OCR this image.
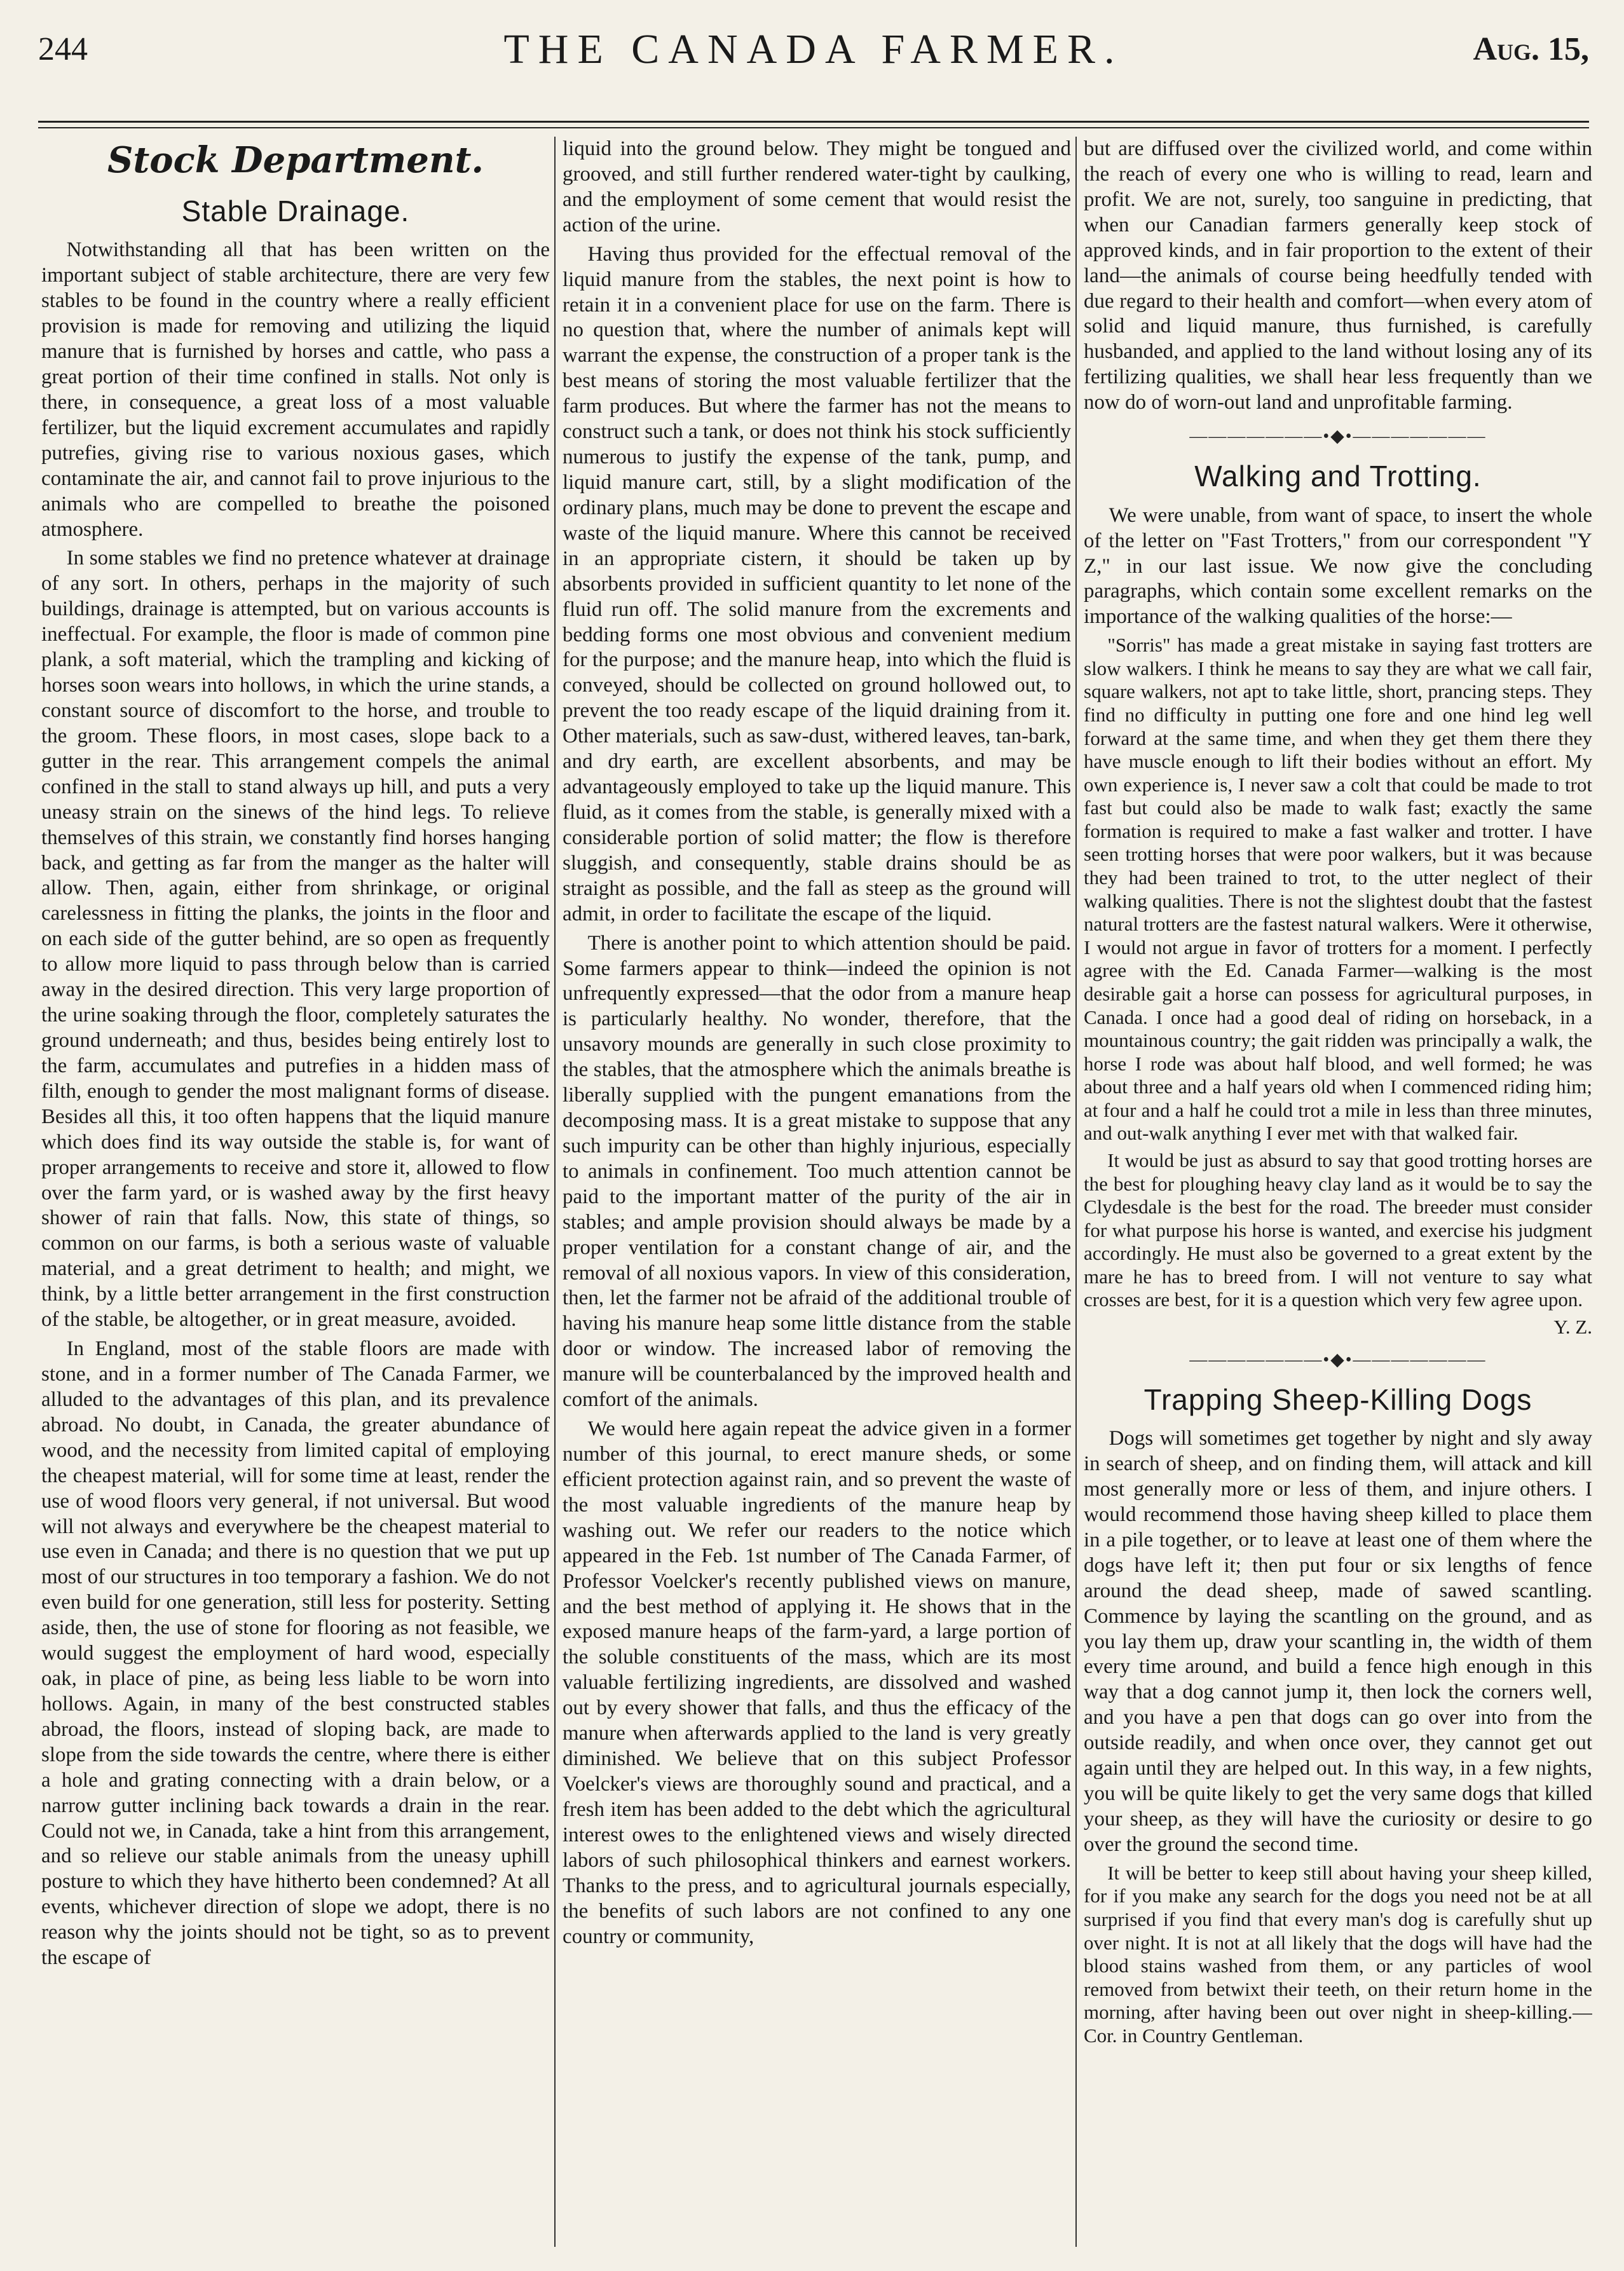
244	THE CANADA FARMER.	Aug. 15,
Stock Department.
Stable Drainage.

Notwithstanding all that has been written on the important subject of stable architecture, there are very few stables to be found in the country where a really efficient provision is made for removing and utilizing the liquid manure that is furnished by horses and cattle, who pass a great portion of their time confined in stalls. Not only is there, in consequence, a great loss of a most valuable fertilizer, but the liquid excrement accumulates and rapidly putrefies, giving rise to various noxious gases, which contaminate the air, and cannot fail to prove injurious to the animals who are compelled to breathe the poisoned atmosphere.

In some stables we find no pretence whatever at drainage of any sort. In others, perhaps in the majority of such buildings, drainage is attempted, but on various accounts is ineffectual. For example, the floor is made of common pine plank, a soft material, which the trampling and kicking of horses soon wears into hollows, in which the urine stands, a constant source of discomfort to the horse, and trouble to the groom. These floors, in most cases, slope back to a gutter in the rear. This arrangement compels the animal confined in the stall to stand always up hill, and puts a very uneasy strain on the sinews of the hind legs. To relieve themselves of this strain, we constantly find horses hanging back, and getting as far from the manger as the halter will allow. Then, again, either from shrinkage, or original carelessness in fitting the planks, the joints in the floor and on each side of the gutter behind, are so open as frequently to allow more liquid to pass through below than is carried away in the desired direction. This very large proportion of the urine soaking through the floor, completely saturates the ground underneath; and thus, besides being entirely lost to the farm, accumulates and putrefies in a hidden mass of filth, enough to gender the most malignant forms of disease. Besides all this, it too often happens that the liquid manure which does find its way outside the stable is, for want of proper arrangements to receive and store it, allowed to flow over the farm yard, or is washed away by the first heavy shower of rain that falls. Now, this state of things, so common on our farms, is both a serious waste of valuable material, and a great detriment to health; and might, we think, by a little better arrangement in the first construction of the stable, be altogether, or in great measure, avoided.

In England, most of the stable floors are made with stone, and in a former number of The Canada Farmer, we alluded to the advantages of this plan, and its prevalence abroad. No doubt, in Canada, the greater abundance of wood, and the necessity from limited capital of employing the cheapest material, will for some time at least, render the use of wood floors very general, if not universal. But wood will not always and everywhere be the cheapest material to use even in Canada; and there is no question that we put up most of our structures in too temporary a fashion. We do not even build for one generation, still less for posterity. Setting aside, then, the use of stone for flooring as not feasible, we would suggest the employment of hard wood, especially oak, in place of pine, as being less liable to be worn into hollows. Again, in many of the best constructed stables abroad, the floors, instead of sloping back, are made to slope from the side towards the centre, where there is either a hole and grating connecting with a drain below, or a narrow gutter inclining back towards a drain in the rear. Could not we, in Canada, take a hint from this arrangement, and so relieve our stable animals from the uneasy uphill posture to which they have hitherto been condemned? At all events, whichever direction of slope we adopt, there is no reason why the joints should not be tight, so as to prevent the escape of

liquid into the ground below. They might be tongued and grooved, and still further rendered water-tight by caulking, and the employment of some cement that would resist the action of the urine.

Having thus provided for the effectual removal of the liquid manure from the stables, the next point is how to retain it in a convenient place for use on the farm. There is no question that, where the number of animals kept will warrant the expense, the construction of a proper tank is the best means of storing the most valuable fertilizer that the farm produces. But where the farmer has not the means to construct such a tank, or does not think his stock sufficiently numerous to justify the expense of the tank, pump, and liquid manure cart, still, by a slight modification of the ordinary plans, much may be done to prevent the escape and waste of the liquid manure. Where this cannot be received in an appropriate cistern, it should be taken up by absorbents provided in sufficient quantity to let none of the fluid run off. The solid manure from the excrements and bedding forms one most obvious and convenient medium for the purpose; and the manure heap, into which the fluid is conveyed, should be collected on ground hollowed out, to prevent the too ready escape of the liquid draining from it. Other materials, such as saw-dust, withered leaves, tan-bark, and dry earth, are excellent absorbents, and may be advantageously employed to take up the liquid manure. This fluid, as it comes from the stable, is generally mixed with a considerable portion of solid matter; the flow is therefore sluggish, and consequently, stable drains should be as straight as possible, and the fall as steep as the ground will admit, in order to facilitate the escape of the liquid.

There is another point to which attention should be paid. Some farmers appear to think—indeed the opinion is not unfrequently expressed—that the odor from a manure heap is particularly healthy. No wonder, therefore, that the unsavory mounds are generally in such close proximity to the stables, that the atmosphere which the animals breathe is liberally supplied with the pungent emanations from the decomposing mass. It is a great mistake to suppose that any such impurity can be other than highly injurious, especially to animals in confinement. Too much attention cannot be paid to the important matter of the purity of the air in stables; and ample provision should always be made by a proper ventilation for a constant change of air, and the removal of all noxious vapors. In view of this consideration, then, let the farmer not be afraid of the additional trouble of having his manure heap some little distance from the stable door or window. The increased labor of removing the manure will be counterbalanced by the improved health and comfort of the animals.

We would here again repeat the advice given in a former number of this journal, to erect manure sheds, or some efficient protection against rain, and so prevent the waste of the most valuable ingredients of the manure heap by washing out. We refer our readers to the notice which appeared in the Feb. 1st number of The Canada Farmer, of Professor Voelcker's recently published views on manure, and the best method of applying it. He shows that in the exposed manure heaps of the farm-yard, a large portion of the soluble constituents of the mass, which are its most valuable fertilizing ingredients, are dissolved and washed out by every shower that falls, and thus the efficacy of the manure when afterwards applied to the land is very greatly diminished. We believe that on this subject Professor Voelcker's views are thoroughly sound and practical, and a fresh item has been added to the debt which the agricultural interest owes to the enlightened views and wisely directed labors of such philosophical thinkers and earnest workers. Thanks to the press, and to agricultural journals especially, the benefits of such labors are not confined to any one country or community,

but are diffused over the civilized world, and come within the reach of every one who is willing to read, learn and profit. We are not, surely, too sanguine in predicting, that when our Canadian farmers generally keep stock of approved kinds, and in fair proportion to the extent of their land—the animals of course being heedfully tended with due regard to their health and comfort—when every atom of solid and liquid manure, thus furnished, is carefully husbanded, and applied to the land without losing any of its fertilizing qualities, we shall hear less frequently than we now do of worn-out land and unprofitable farming.

———————•◆•———————
Walking and Trotting.

We were unable, from want of space, to insert the whole of the letter on "Fast Trotters," from our correspondent "Y Z," in our last issue. We now give the concluding paragraphs, which contain some excellent remarks on the importance of the walking qualities of the horse:—

"Sorris" has made a great mistake in saying fast trotters are slow walkers. I think he means to say they are what we call fair, square walkers, not apt to take little, short, prancing steps. They find no difficulty in putting one fore and one hind leg well forward at the same time, and when they get them there they have muscle enough to lift their bodies without an effort. My own experience is, I never saw a colt that could be made to trot fast but could also be made to walk fast; exactly the same formation is required to make a fast walker and trotter. I have seen trotting horses that were poor walkers, but it was because they had been trained to trot, to the utter neglect of their walking qualities. There is not the slightest doubt that the fastest natural trotters are the fastest natural walkers. Were it otherwise, I would not argue in favor of trotters for a moment. I perfectly agree with the Ed. Canada Farmer—walking is the most desirable gait a horse can possess for agricultural purposes, in Canada. I once had a good deal of riding on horseback, in a mountainous country; the gait ridden was principally a walk, the horse I rode was about half blood, and well formed; he was about three and a half years old when I commenced riding him; at four and a half he could trot a mile in less than three minutes, and out-walk anything I ever met with that walked fair.

It would be just as absurd to say that good trotting horses are the best for ploughing heavy clay land as it would be to say the Clydesdale is the best for the road. The breeder must consider for what purpose his horse is wanted, and exercise his judgment accordingly. He must also be governed to a great extent by the mare he has to breed from. I will not venture to say what crosses are best, for it is a question which very few agree upon.

Y. Z.

———————•◆•———————
Trapping Sheep-Killing Dogs

Dogs will sometimes get together by night and sly away in search of sheep, and on finding them, will attack and kill most generally more or less of them, and injure others. I would recommend those having sheep killed to place them in a pile together, or to leave at least one of them where the dogs have left it; then put four or six lengths of fence around the dead sheep, made of sawed scantling. Commence by laying the scantling on the ground, and as you lay them up, draw your scantling in, the width of them every time around, and build a fence high enough in this way that a dog cannot jump it, then lock the corners well, and you have a pen that dogs can go over into from the outside readily, and when once over, they cannot get out again until they are helped out. In this way, in a few nights, you will be quite likely to get the very same dogs that killed your sheep, as they will have the curiosity or desire to go over the ground the second time.

It will be better to keep still about having your sheep killed, for if you make any search for the dogs you need not be at all surprised if you find that every man's dog is carefully shut up over night. It is not at all likely that the dogs will have had the blood stains washed from them, or any particles of wool removed from betwixt their teeth, on their return home in the morning, after having been out over night in sheep-killing.—Cor. in Country Gentleman.
